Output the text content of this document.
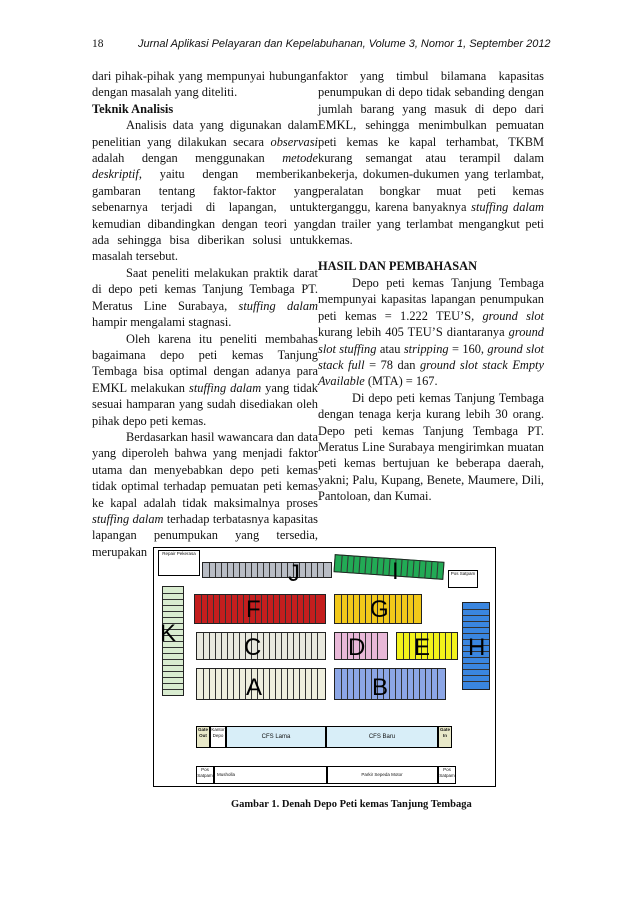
18	Jurnal Aplikasi Pelayaran dan Kepelabuhanan, Volume 3, Nomor 1, September 2012

dari pihak-pihak yang mempunyai hubungan dengan masalah yang diteliti.

Teknik Analisis

Analisis data yang digunakan dalam penelitian yang dilakukan secara observasi adalah dengan menggunakan metode deskriptif, yaitu dengan memberikan gambaran tentang faktor-faktor yang sebenarnya terjadi di lapangan, untuk kemudian dibandingkan dengan teori yang ada sehingga bisa diberikan solusi untuk masalah tersebut.

Saat peneliti melakukan praktik darat di depo peti kemas Tanjung Tembaga PT. Meratus Line Surabaya, stuffing dalam hampir mengalami stagnasi.

Oleh karena itu peneliti membahas bagaimana depo peti kemas Tanjung Tembaga bisa optimal dengan adanya para EMKL melakukan stuffing dalam yang tidak sesuai hamparan yang sudah disediakan oleh pihak depo peti kemas.

Berdasarkan hasil wawancara dan data yang diperoleh bahwa yang menjadi faktor utama dan menyebabkan depo peti kemas tidak optimal terhadap pemuatan peti kemas ke kapal adalah tidak maksimalnya proses stuffing dalam terhadap terbatasnya kapasitas lapangan penumpukan yang tersedia, merupakan

faktor yang timbul bilamana kapasitas penumpukan di depo tidak sebanding dengan jumlah barang yang masuk di depo dari EMKL, sehingga menimbulkan pemuatan peti kemas ke kapal terhambat, TKBM kurang semangat atau terampil dalam bekerja, dokumen-dukumen yang terlambat, peralatan bongkar muat peti kemas terganggu, karena banyaknya stuffing dalam dan trailer yang terlambat mengangkut peti kemas.

HASIL DAN PEMBAHASAN

Depo peti kemas Tanjung Tembaga mempunyai kapasitas lapangan penumpukan peti kemas = 1.222 TEU’S, ground slot kurang lebih 405 TEU’S diantaranya ground slot stuffing atau stripping = 160, ground slot stack full = 78 dan ground slot stack Empty Available (MTA) = 167.

Di depo peti kemas Tanjung Tembaga dengan tenaga kerja kurang lebih 30 orang. Depo peti kemas Tanjung Tembaga PT. Meratus Line Surabaya mengirimkan muatan peti kemas bertujuan ke beberapa daerah, yakni; Palu, Kupang, Benete, Maumere, Dili, Pantoloan, dan Kumai.

Repair Pekerasa
Pos Satpam
J	I
F	G
K
C	D E H
A	B
Gate Out
Kantor Depo	CFS Lama	CFS Baru
Gate In
Pos Satpam Musholla	Parkir Sepeda Motor
Pos Satpam
Gambar 1. Denah Depo Peti kemas Tanjung Tembaga
